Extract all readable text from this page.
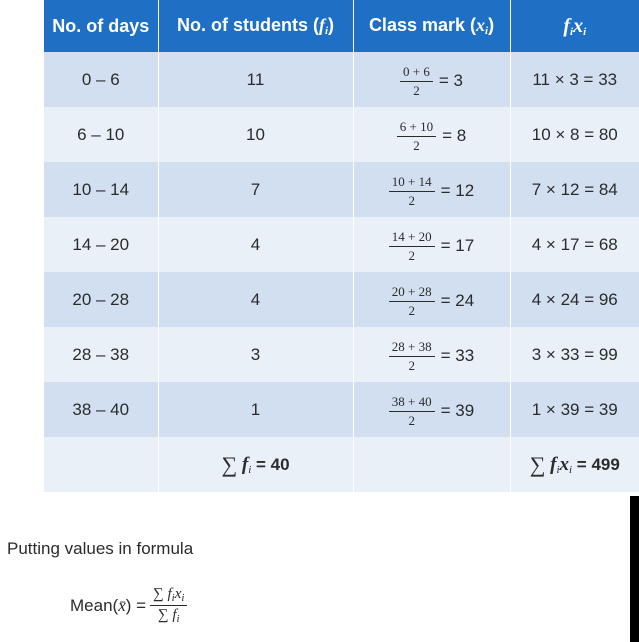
No. of days	No. of students $(f_i)$	Class mark $(x_i)$	$f_ix_i$
0 – 6	11	$\frac{0 + 6}{2} = 3$	11 × 3 = 33
6 – 10	10	$\frac{6 + 10}{2} = 8$	10 × 8 = 80
10 – 14	7	$\frac{10 + 14}{2} = 12$	7 × 12 = 84
14 – 20	4	$\frac{14 + 20}{2} = 17$	4 × 17 = 68
20 – 28	4	$\frac{20 + 28}{2} = 24$	4 × 24 = 96
28 – 38	3	$\frac{28 + 38}{2} = 33$	3 × 33 = 99
38 – 40	1	$\frac{38 + 40}{2} = 39$	1 × 39 = 39
	∑ $f_i = 40$		∑ $f_ix_i = 499$
Putting values in formula
Mean(x̄) = $\frac{\sum f_ix_i}{\sum f_i}$
